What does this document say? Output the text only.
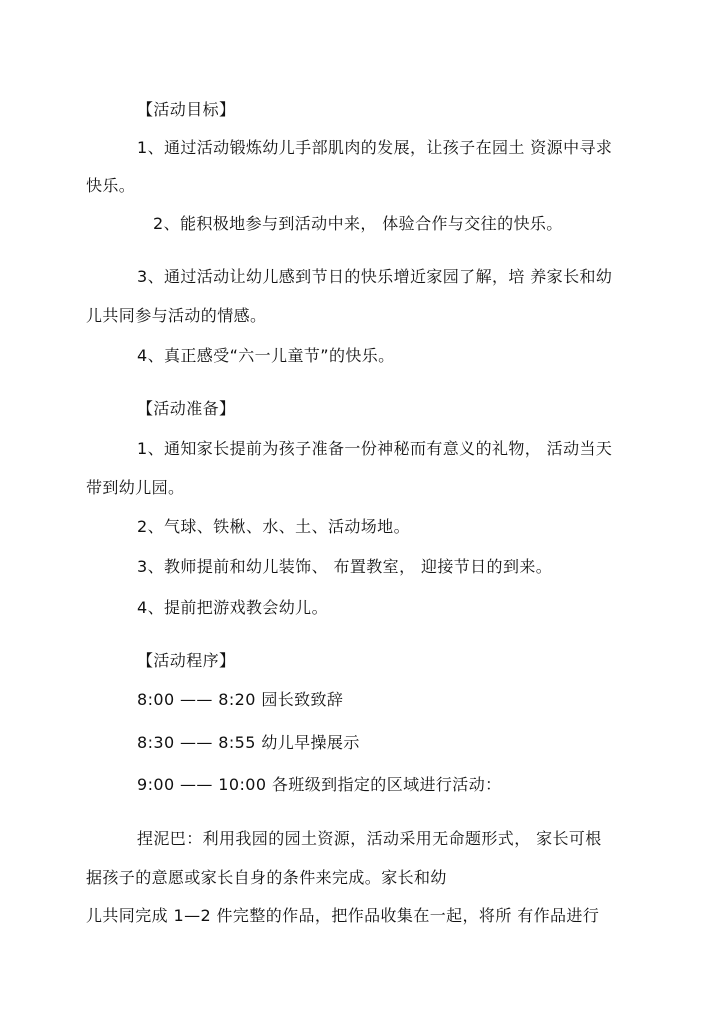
【活动目标】
1、通过活动锻炼幼儿手部肌肉的发展，让孩子在园土 资源中寻求
快乐。
2、能积极地参与到活动中来， 体验合作与交往的快乐。
3、通过活动让幼儿感到节日的快乐增近家园了解，培 养家长和幼
儿共同参与活动的情感。
4、真正感受“六一儿童节”的快乐。
【活动准备】
1、通知家长提前为孩子准备一份神秘而有意义的礼物， 活动当天
带到幼儿园。
2、气球、铁楸、水、土、活动场地。
3、教师提前和幼儿装饰、 布置教室， 迎接节日的到来。
4、提前把游戏教会幼儿。
【活动程序】
8:00 —— 8:20 园长致致辞
8:30 —— 8:55 幼儿早操展示
9:00 —— 10:00 各班级到指定的区域进行活动：
捏泥巴：利用我园的园土资源，活动采用无命题形式， 家长可根
据孩子的意愿或家长自身的条件来完成。家长和幼
儿共同完成 1—2 件完整的作品，把作品收集在一起，将所 有作品进行
